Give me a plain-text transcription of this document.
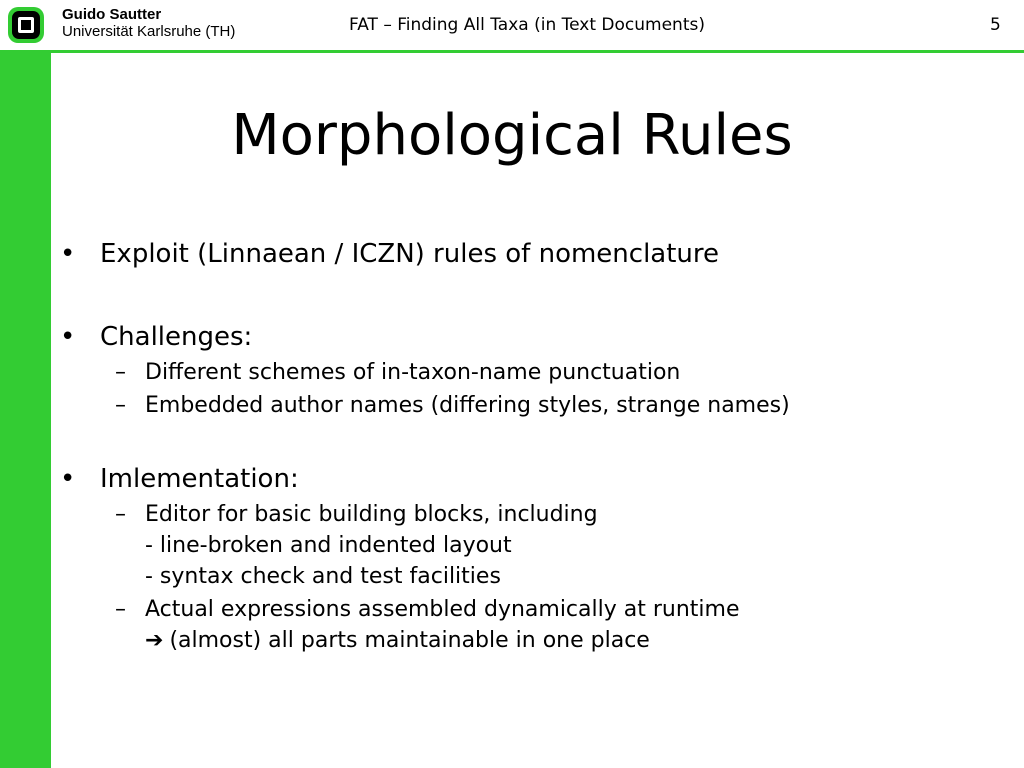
Guido Sautter
Universität Karlsruhe (TH)	FAT – Finding All Taxa (in Text Documents)	5
Morphological Rules
• Exploit (Linnaean / ICZN) rules of nomenclature
• Challenges:
– Different schemes of in-taxon-name punctuation
– Embedded author names (differing styles, strange names)
• Imlementation:
– Editor for basic building blocks, including
- line-broken and indented layout
- syntax check and test facilities
– Actual expressions assembled dynamically at runtime
➔ (almost) all parts maintainable in one place
